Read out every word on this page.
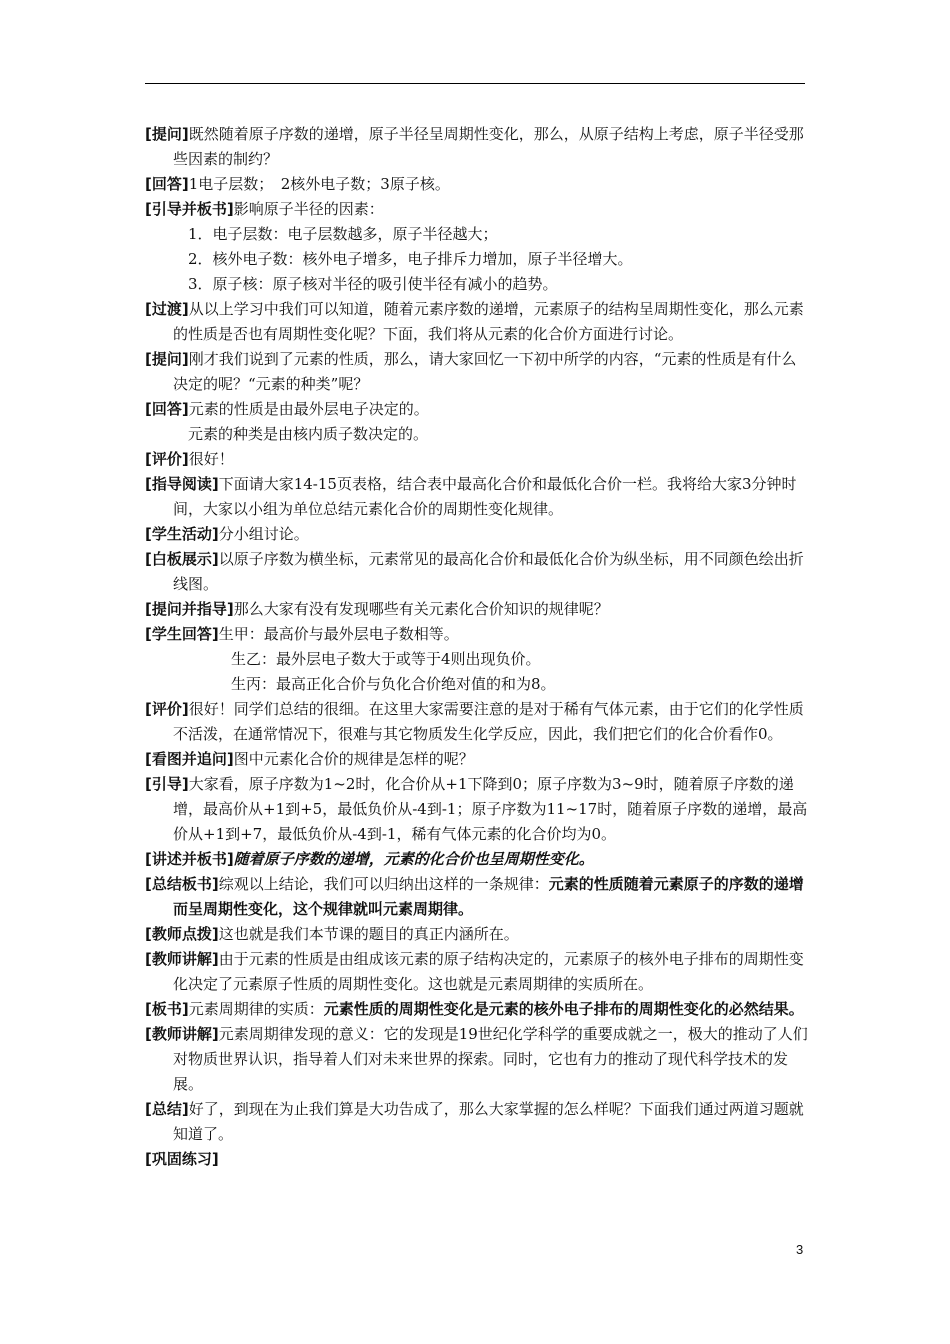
[提问]既然随着原子序数的递增，原子半径呈周期性变化，那么，从原子结构上考虑，原子半径受那些因素的制约？

[回答]1电子层数；　2核外电子数；3原子核。

[引导并板书]影响原子半径的因素：

1．电子层数：电子层数越多，原子半径越大；

2．核外电子数：核外电子增多，电子排斥力增加，原子半径增大。

3．原子核：原子核对半径的吸引使半径有减小的趋势。

[过渡]从以上学习中我们可以知道，随着元素序数的递增，元素原子的结构呈周期性变化，那么元素的性质是否也有周期性变化呢？下面，我们将从元素的化合价方面进行讨论。

[提问]刚才我们说到了元素的性质，那么，请大家回忆一下初中所学的内容，“元素的性质是有什么决定的呢？“元素的种类”呢？

[回答]元素的性质是由最外层电子决定的。

元素的种类是由核内质子数决定的。

[评价]很好！

[指导阅读]下面请大家14-15页表格，结合表中最高化合价和最低化合价一栏。我将给大家3分钟时间，大家以小组为单位总结元素化合价的周期性变化规律。

[学生活动]分小组讨论。

[白板展示]以原子序数为横坐标，元素常见的最高化合价和最低化合价为纵坐标，用不同颜色绘出折线图。

[提问并指导]那么大家有没有发现哪些有关元素化合价知识的规律呢？

[学生回答]生甲：最高价与最外层电子数相等。

生乙：最外层电子数大于或等于4则出现负价。

生丙：最高正化合价与负化合价绝对值的和为8。

[评价]很好！同学们总结的很细。在这里大家需要注意的是对于稀有气体元素，由于它们的化学性质不活泼，在通常情况下，很难与其它物质发生化学反应，因此，我们把它们的化合价看作0。

[看图并追问]图中元素化合价的规律是怎样的呢？

[引导]大家看，原子序数为1~2时，化合价从+1下降到0；原子序数为3~9时，随着原子序数的递增，最高价从+1到+5，最低负价从-4到-1；原子序数为11~17时，随着原子序数的递增，最高价从+1到+7，最低负价从-4到-1，稀有气体元素的化合价均为0。

[讲述并板书]随着原子序数的递增，元素的化合价也呈周期性变化。

[总结板书]综观以上结论，我们可以归纳出这样的一条规律：元素的性质随着元素原子的序数的递增而呈周期性变化，这个规律就叫元素周期律。

[教师点拨]这也就是我们本节课的题目的真正内涵所在。

[教师讲解]由于元素的性质是由组成该元素的原子结构决定的，元素原子的核外电子排布的周期性变化决定了元素原子性质的周期性变化。这也就是元素周期律的实质所在。

[板书]元素周期律的实质：元素性质的周期性变化是元素的核外电子排布的周期性变化的必然结果。

[教师讲解]元素周期律发现的意义：它的发现是19世纪化学科学的重要成就之一，极大的推动了人们对物质世界认识，指导着人们对未来世界的探索。同时，它也有力的推动了现代科学技术的发展。

[总结]好了，到现在为止我们算是大功告成了，那么大家掌握的怎么样呢？下面我们通过两道习题就知道了。

[巩固练习]

3
